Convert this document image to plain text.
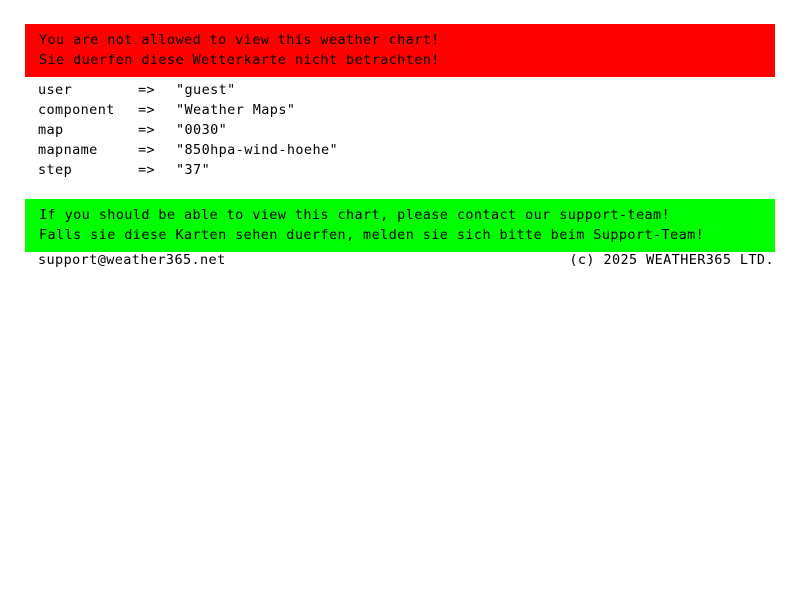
You are not allowed to view this weather chart!
Sie duerfen diese Wetterkarte nicht betrachten!
user	=>	"guest"
component	=>	"Weather Maps"
map	=>	"0030"
mapname	=>	"850hpa-wind-hoehe"
step	=>	"37"
If you should be able to view this chart, please contact our support-team!
Falls sie diese Karten sehen duerfen, melden sie sich bitte beim Support-Team!
support@weather365.net	(c) 2025 WEATHER365 LTD.
